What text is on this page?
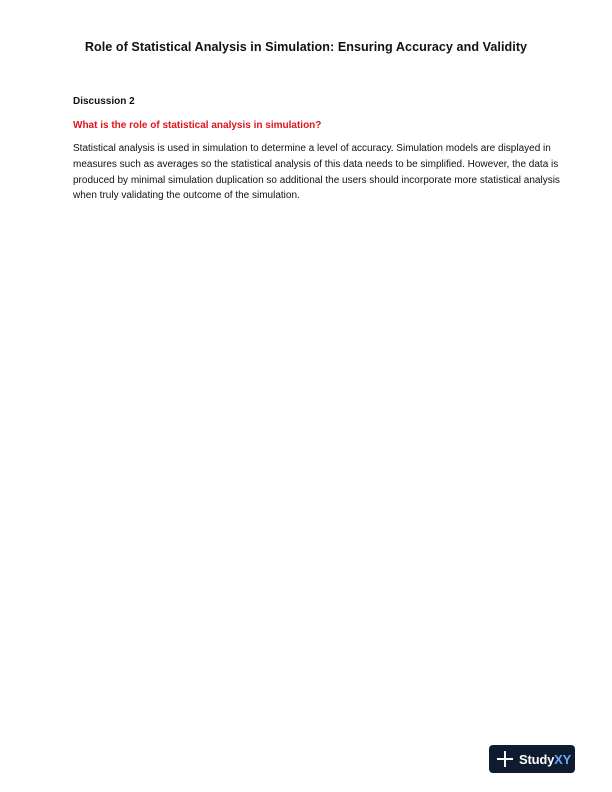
Role of Statistical Analysis in Simulation: Ensuring Accuracy and Validity
Discussion 2
What is the role of statistical analysis in simulation?
Statistical analysis is used in simulation to determine a level of accuracy. Simulation models are displayed in measures such as averages so the statistical analysis of this data needs to be simplified. However, the data is produced by minimal simulation duplication so additional the users should incorporate more statistical analysis when truly validating the outcome of the simulation.
StudyXY
